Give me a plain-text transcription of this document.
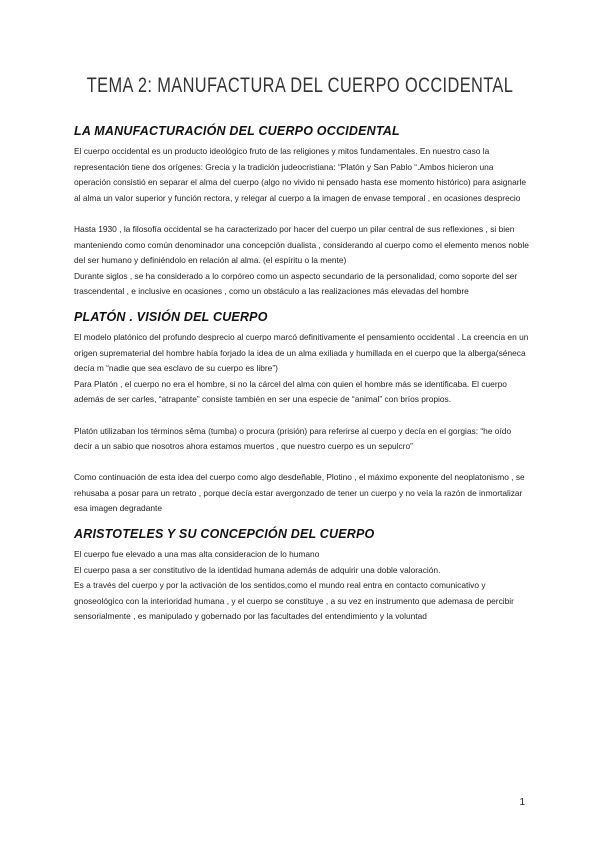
TEMA 2: MANUFACTURA DEL CUERPO OCCIDENTAL
LA MANUFACTURACIÓN DEL CUERPO OCCIDENTAL

El cuerpo occidental es un producto ideológico fruto de las religiones y mitos fundamentales. En nuestro caso la representación tiene dos orígenes: Grecia y la tradición judeocristiana: “Platón y San Pablo “.Ambos hicieron una operación consistió en separar el alma del cuerpo (algo no vivido ni pensado hasta ese momento histórico) para asignarle al alma un valor superior y función rectora, y relegar al cuerpo a la imagen de envase temporal , en ocasiones desprecio

Hasta 1930 , la filosofía occidental se ha caracterizado por hacer del cuerpo un pilar central de sus reflexiones , si bien manteniendo como común denominador una concepción dualista , considerando al cuerpo como el elemento menos noble del ser humano y definiéndolo en relación al alma. (el espíritu o la mente)

Durante siglos , se ha considerado a lo corpóreo como un aspecto secundario de la personalidad, como soporte del ser trascendental , e inclusive en ocasiones , como un obstáculo a las realizaciones más elevadas del hombre

PLATÓN . VISIÓN DEL CUERPO

El modelo platónico del profundo desprecio al cuerpo marcó definitivamente el pensamiento occidental . La creencia en un origen suprematerial del hombre había forjado la idea de un alma exiliada y humillada en el cuerpo que la alberga(séneca decía m “nadie que sea esclavo de su cuerpo es libre”)

Para Platón , el cuerpo no era el hombre, si no la cárcel del alma con quien el hombre más se identificaba. El cuerpo además de ser carles, “atrapante” consiste también en ser una especie de “animal” con bríos propios.

Platón utilizaban los términos sêma (tumba) o procura (prisión) para referirse al cuerpo y decía en el gorgias: “he oído decir a un sabio que nosotros ahora estamos muertos , que nuestro cuerpo es un sepulcro”

Como continuación de esta idea del cuerpo como algo desdeñable, Plotino , el máximo exponente del neoplatonismo , se rehusaba a posar para un retrato , porque decía estar avergonzado de tener un cuerpo y no veía la razón de inmortalizar esa imagen degradante

ARISTOTELES Y SU CONCEPCIÓN DEL CUERPO

El cuerpo fue elevado a una mas alta consideracion de lo humano

El cuerpo pasa a ser constitutivo de la identidad humana además de adquirir una doble valoración.

Es a través del cuerpo y por la activación de los sentidos,como el mundo real entra en contacto comunicativo y gnoseológico con la interioridad humana , y el cuerpo se constituye , a su vez en instrumento que ademasa de percibir sensorialmente , es manipulado y gobernado por las facultades del entendimiento y la voluntad

1
